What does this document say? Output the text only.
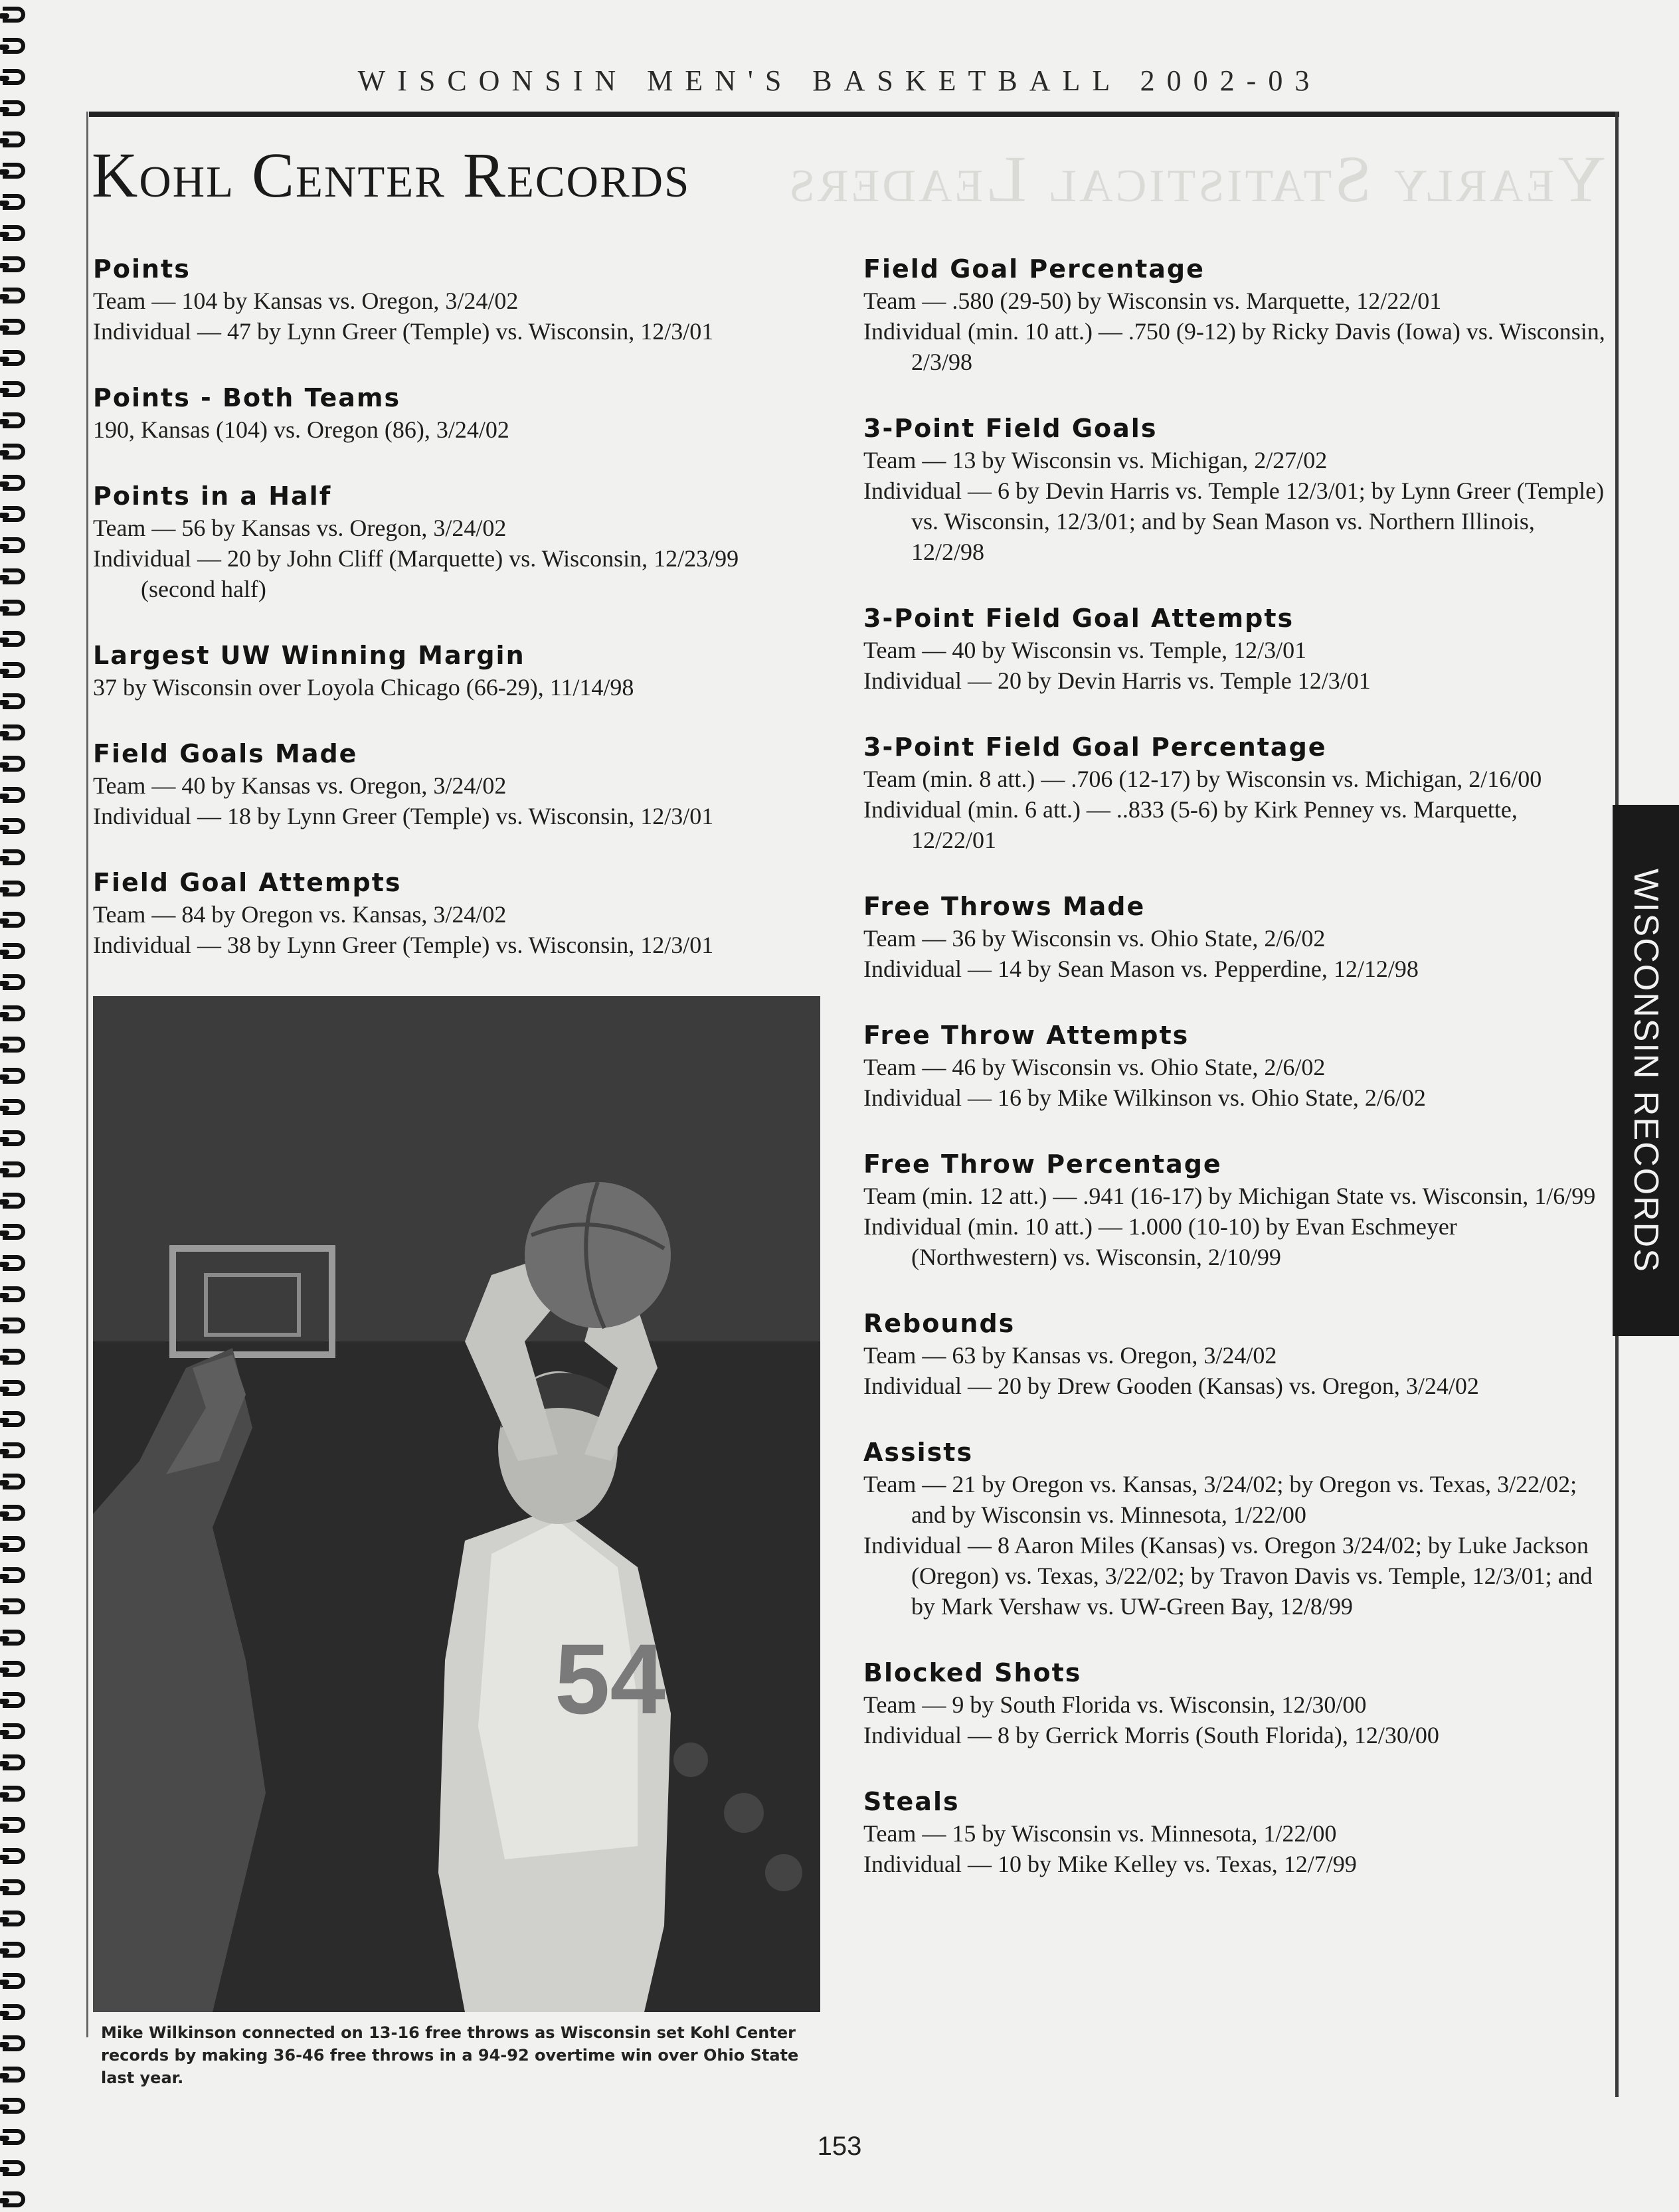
WISCONSIN MEN'S BASKETBALL 2002-03
Yearly Statistical Leaders
Kohl Center Records
Points
Team — 104 by Kansas vs. Oregon, 3/24/02
Individual — 47 by Lynn Greer (Temple) vs. Wisconsin, 12/3/01
Points - Both Teams
190, Kansas (104) vs. Oregon (86), 3/24/02
Points in a Half
Team — 56 by Kansas vs. Oregon, 3/24/02
Individual — 20 by John Cliff (Marquette) vs. Wisconsin, 12/23/99 (second half)
Largest UW Winning Margin
37 by Wisconsin over Loyola Chicago (66-29), 11/14/98
Field Goals Made
Team — 40 by Kansas vs. Oregon, 3/24/02
Individual — 18 by Lynn Greer (Temple) vs. Wisconsin, 12/3/01
Field Goal Attempts
Team — 84 by Oregon vs. Kansas, 3/24/02
Individual — 38 by Lynn Greer (Temple) vs. Wisconsin, 12/3/01
Field Goal Percentage
Team — .580 (29-50) by Wisconsin vs. Marquette, 12/22/01
Individual (min. 10 att.) — .750 (9-12) by Ricky Davis (Iowa) vs. Wisconsin, 2/3/98
3-Point Field Goals
Team — 13 by Wisconsin vs. Michigan, 2/27/02
Individual — 6 by Devin Harris vs. Temple 12/3/01; by Lynn Greer (Temple) vs. Wisconsin, 12/3/01; and by Sean Mason vs. Northern Illinois, 12/2/98
3-Point Field Goal Attempts
Team — 40 by Wisconsin vs. Temple, 12/3/01
Individual — 20 by Devin Harris vs. Temple 12/3/01
3-Point Field Goal Percentage
Team (min. 8 att.) — .706 (12-17) by Wisconsin vs. Michigan, 2/16/00
Individual (min. 6 att.) — ..833 (5-6) by Kirk Penney vs. Marquette, 12/22/01
Free Throws Made
Team — 36 by Wisconsin vs. Ohio State, 2/6/02
Individual — 14 by Sean Mason vs. Pepperdine, 12/12/98
Free Throw Attempts
Team — 46 by Wisconsin vs. Ohio State, 2/6/02
Individual — 16 by Mike Wilkinson vs. Ohio State, 2/6/02
Free Throw Percentage
Team (min. 12 att.) — .941 (16-17) by Michigan State vs. Wisconsin, 1/6/99
Individual (min. 10 att.) — 1.000 (10-10) by Evan Eschmeyer (Northwestern) vs. Wisconsin, 2/10/99
Rebounds
Team — 63 by Kansas vs. Oregon, 3/24/02
Individual — 20 by Drew Gooden (Kansas) vs. Oregon, 3/24/02
Assists
Team — 21 by Oregon vs. Kansas, 3/24/02; by Oregon vs. Texas, 3/22/02; and by Wisconsin vs. Minnesota, 1/22/00
Individual — 8 Aaron Miles (Kansas) vs. Oregon 3/24/02; by Luke Jackson (Oregon) vs. Texas, 3/22/02; by Travon Davis vs. Temple, 12/3/01; and by Mark Vershaw vs. UW-Green Bay, 12/8/99
Blocked Shots
Team — 9 by South Florida vs. Wisconsin, 12/30/00
Individual — 8 by Gerrick Morris (South Florida), 12/30/00
Steals
Team — 15 by Wisconsin vs. Minnesota, 1/22/00
Individual — 10 by Mike Kelley vs. Texas, 12/7/99
54
Mike Wilkinson connected on 13-16 free throws as Wisconsin set Kohl Center records by making 36-46 free throws in a 94-92 overtime win over Ohio State last year.
WISCONSIN RECORDS
153
